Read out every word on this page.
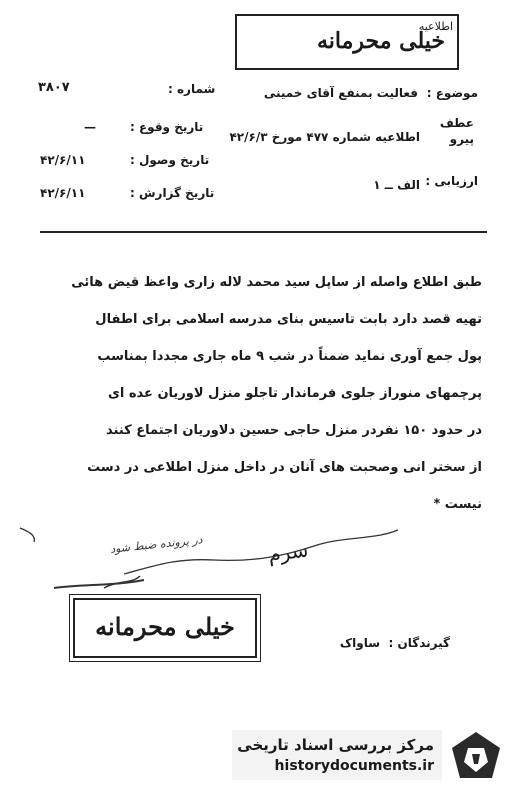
اطلاعیه
خیلی محرمانه
موضوع :
فعالیت بمنفع آقای خمینی
شماره :
۳۸۰۷
عطف
پیرو
اطلاعیه شماره ۴۷۷ مورخ ۴۲/۶/۳
تاریخ وقوع :
—
تاریخ وصول :
۴۲/۶/۱۱
تاریخ گزارش :
۴۲/۶/۱۱
ارزیابی :
الف ــ ۱
طبق اطلاع واصله از ساپل سید محمد لاله زاری واعظ قیض هائی
تهیه قصد دارد بابت تاسیس بنای مدرسه اسلامی برای اطفال
پول جمع آوری نماید ضمناً در شب ۹ ماه جاری مجددا بمناسب
پرچمهای منوراز جلوی فرماندار تاجلو منزل لاوریان عده ای
در حدود ۱۵۰ نفردر منزل حاجی حسین دلاوریان اجتماع کنند
از سختر انی وصحبت های آنان در داخل منزل اطلاعی در دست
نیست *
در پرونده ضبط شود	سرم
خیلی محرمانه
گیرندگان :
ساواک
مرکز بررسی اسناد تاریخی
historydocuments.ir
